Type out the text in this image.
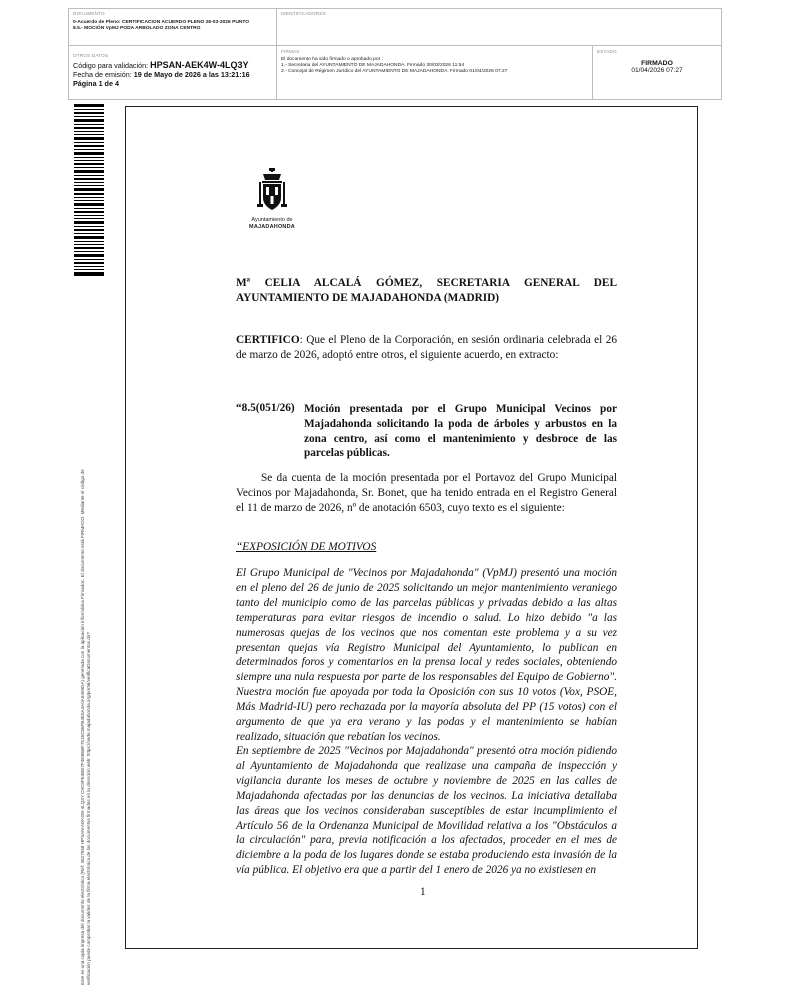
DOCUMENTO
0-Acuerdo de Pleno: CERTIFICACION ACUERDO PLENO 26-03-2026 PUNTO
8.5.- MOCIÓN VpMJ PODA ARBOLADO ZONA CENTRO
IDENTIFICADORES
OTROS DATOS
Código para validación: HPSAN-AEK4W-4LQ3Y
Fecha de emisión: 19 de Mayo de 2026 a las 13:21:16
Página 1 de 4
FIRMAS
El documento ha sido firmado o aprobado por :
1.- Secretaria del AYUNTAMIENTO DE MAJADAHONDA. Firmado 30/03/2026 11:54
2.- Concejal de Régimen Jurídico del AYUNTAMIENTO DE MAJADAHONDA. Firmado 01/04/2026 07:27
ESTADO
FIRMADO
01/04/2026 07:27
Este es una copia impresa del documento electrónico (Ref: 4627558 HPSAN-AEK4W-4LQ3Y C9C9FE4BE7F4EB6BF7516C86FB4E5A4A0A5459DA) generada con la aplicación informática Firmadoc. El documento está FIRMADO. Mediante el código de verificación puede comprobar la validez de la firma electrónica de los documentos firmados en la dirección web: https://sede.majadahonda.org/portal/verificaDocumentos.do?
Ayuntamiento de
MAJADAHONDA
Mª CELIA ALCALÁ GÓMEZ, SECRETARIA GENERAL DEL AYUNTAMIENTO DE MAJADAHONDA (MADRID)
CERTIFICO: Que el Pleno de la Corporación, en sesión ordinaria celebrada el 26 de marzo de 2026, adoptó entre otros, el siguiente acuerdo, en extracto:
“8.5(051/26) Moción presentada por el Grupo Municipal Vecinos por Majadahonda solicitando la poda de árboles y arbustos en la zona centro, así como el mantenimiento y desbroce de las parcelas públicas.
Se da cuenta de la moción presentada por el Portavoz del Grupo Municipal Vecinos por Majadahonda, Sr. Bonet, que ha tenido entrada en el Registro General el 11 de marzo de 2026, nº de anotación 6503, cuyo texto es el siguiente:
“EXPOSICIÓN DE MOTIVOS
El Grupo Municipal de "Vecinos por Majadahonda" (VpMJ) presentó una moción en el pleno del 26 de junio de 2025 solicitando un mejor mantenimiento veraniego tanto del municipio como de las parcelas públicas y privadas debido a las altas temperaturas para evitar riesgos de incendio o salud. Lo hizo debido "a las numerosas quejas de los vecinos que nos comentan este problema y a su vez presentan quejas vía Registro Municipal del Ayuntamiento, lo publican en determinados foros y comentarios en la prensa local y redes sociales, obteniendo siempre una nula respuesta por parte de los responsables del Equipo de Gobierno". Nuestra moción fue apoyada por toda la Oposición con sus 10 votos (Vox, PSOE, Más Madrid-IU) pero rechazada por la mayoría absoluta del PP (15 votos) con el argumento de que ya era verano y las podas y el mantenimiento se habían realizado, situación que rebatían los vecinos.
En septiembre de 2025 "Vecinos por Majadahonda" presentó otra moción pidiendo al Ayuntamiento de Majadahonda que realizase una campaña de inspección y vigilancia durante los meses de octubre y noviembre de 2025 en las calles de Majadahonda afectadas por las denuncias de los vecinos. La iniciativa detallaba las áreas que los vecinos consideraban susceptibles de estar incumplimiento el Artículo 56 de la Ordenanza Municipal de Movilidad relativa a los "Obstáculos a la circulación" para, previa notificación a los afectados, proceder en el mes de diciembre a la poda de los lugares donde se estaba produciendo esta invasión de la vía pública. El objetivo era que a partir del 1 enero de 2026 ya no existiesen en
1
